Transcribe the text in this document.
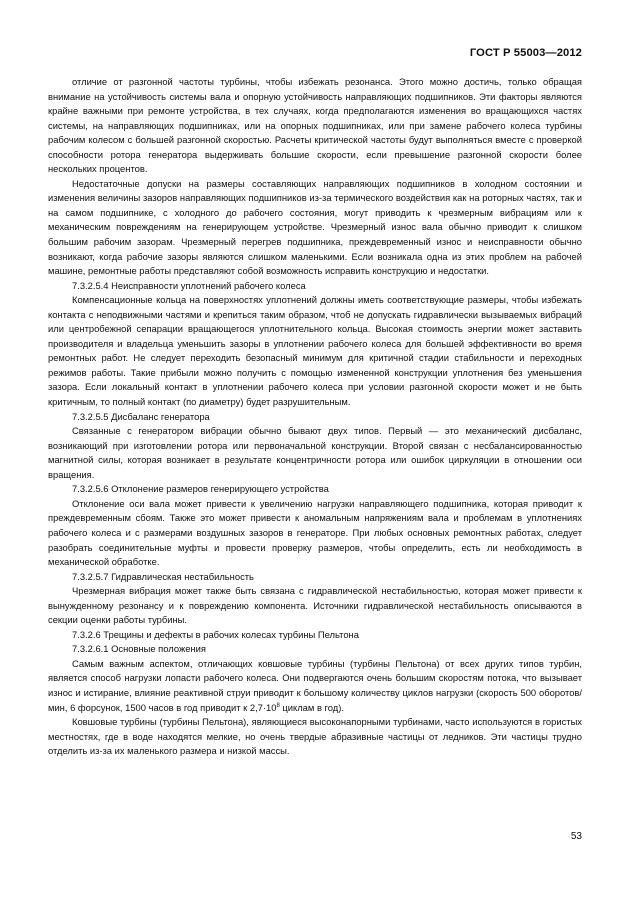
ГОСТ Р 55003—2012

отличие от разгонной частоты турбины, чтобы избежать резонанса. Этого можно достичь, только обращая внимание на устойчивость системы вала и опорную устойчивость направляющих подшипников. Эти факторы являются крайне важными при ремонте устройства, в тех случаях, когда предполагаются изменения во вращающихся частях системы, на направляющих подшипниках, или на опорных подшипниках, или при замене рабочего колеса турбины рабочим колесом с большей разгонной скоростью. Расчеты критической частоты будут выполняться вместе с проверкой способности ротора генератора выдерживать большие скорости, если превышение разгонной скорости более нескольких процентов.

Недостаточные допуски на размеры составляющих направляющих подшипников в холодном состоянии и изменения величины зазоров направляющих подшипников из-за термического воздействия как на роторных частях, так и на самом подшипнике, с холодного до рабочего состояния, могут приводить к чрезмерным вибрациям или к механическим повреждениям на генерирующем устройстве. Чрезмерный износ вала обычно приводит к слишком большим рабочим зазорам. Чрезмерный перегрев подшипника, преждевременный износ и неисправности обычно возникают, когда рабочие зазоры являются слишком маленькими. Если возникала одна из этих проблем на рабочей машине, ремонтные работы представляют собой возможность исправить конструкцию и недостатки.

7.3.2.5.4 Неисправности уплотнений рабочего колеса

Компенсационные кольца на поверхностях уплотнений должны иметь соответствующие размеры, чтобы избежать контакта с неподвижными частями и крепиться таким образом, чтоб не допускать гидравлически вызываемых вибраций или центробежной сепарации вращающегося уплотнительного кольца. Высокая стоимость энергии может заставить производителя и владельца уменьшить зазоры в уплотнении рабочего колеса для большей эффективности во время ремонтных работ. Не следует переходить безопасный минимум для критичной стадии стабильности и переходных режимов работы. Такие прибыли можно получить с помощью измененной конструкции уплотнения без уменьшения зазора. Если локальный контакт в уплотнении рабочего колеса при условии разгонной скорости может и не быть критичным, то полный контакт (по диаметру) будет разрушительным.

7.3.2.5.5 Дисбаланс генератора

Связанные с генератором вибрации обычно бывают двух типов. Первый — это механический дисбаланс, возникающий при изготовлении ротора или первоначальной конструкции. Второй связан с несбалансированностью магнитной силы, которая возникает в результате концентричности ротора или ошибок циркуляции в отношении оси вращения.

7.3.2.5.6 Отклонение размеров генерирующего устройства

Отклонение оси вала может привести к увеличению нагрузки направляющего подшипника, которая приводит к преждевременным сбоям. Также это может привести к аномальным напряжениям вала и проблемам в уплотнениях рабочего колеса и с размерами воздушных зазоров в генераторе. При любых основных ремонтных работах, следует разобрать соединительные муфты и провести проверку размеров, чтобы определить, есть ли необходимость в механической обработке.

7.3.2.5.7 Гидравлическая нестабильность

Чрезмерная вибрация может также быть связана с гидравлической нестабильностью, которая может привести к вынужденному резонансу и к повреждению компонента. Источники гидравлической нестабильность описываются в секции оценки работы турбины.

7.3.2.6 Трещины и дефекты в рабочих колесах турбины Пельтона

7.3.2.6.1 Основные положения

Самым важным аспектом, отличающих ковшовые турбины (турбины Пельтона) от всех других типов турбин, является способ нагрузки лопасти рабочего колеса. Они подвергаются очень большим скоростям потока, что вызывает износ и истирание, влияние реактивной струи приводит к большому количеству циклов нагрузки (скорость 500 оборотов/мин, 6 форсунок, 1500 часов в год приводит к $2,7\cdot 10^8$ циклам в год).

Ковшовые турбины (турбины Пельтона), являющиеся высоконапорными турбинами, часто используются в гористых местностях, где в воде находятся мелкие, но очень твердые абразивные частицы от ледников. Эти частицы трудно отделить из-за их маленького размера и низкой массы.

53
